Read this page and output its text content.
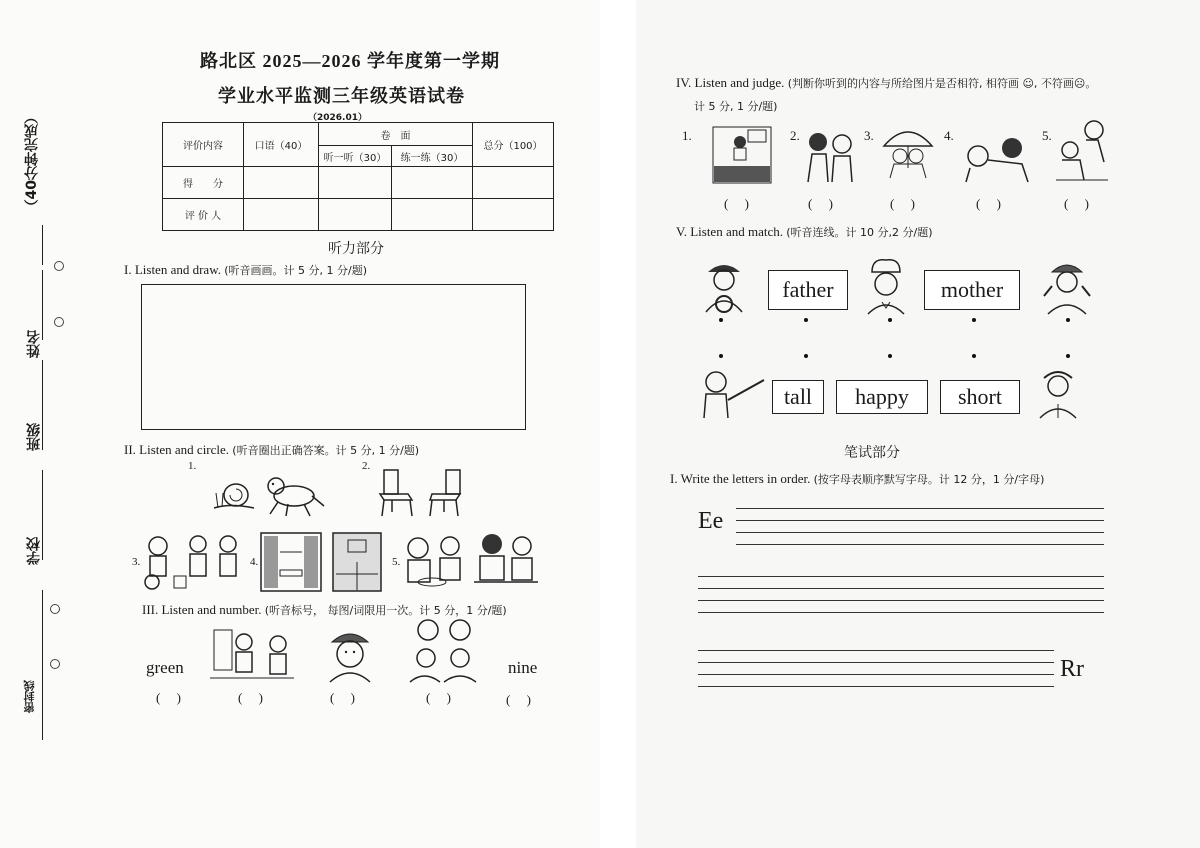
（40分钟完成）
姓名
班级
学校
密封线
路北区 2025—2026 学年度第一学期
学业水平监测三年级英语试卷
（2026.01）
评价内容	口语（40）	卷　面		总分（100）
		听一听（30）	练一练（30）	
得　　分				
评 价 人				
听力部分
I. Listen and draw. (听音画画。计 5 分, 1 分/题)
II. Listen and circle. (听音圈出正确答案。计 5 分, 1 分/题)
1.	2.
3.	4.	5.
III. Listen and number. (听音标号， 每图/词限用一次。计 5 分，1 分/题)
green	nine
(     )	(     )	(     )	(     )	(     )
IV. Listen and judge. (判断你听到的内容与所给图片是否相符, 相符画 ☺, 不符画☹。
计 5 分, 1 分/题)
1.	2.	3.	4.	5.
(     )	(     )	(     )	(     )	(     )
V. Listen and match. (听音连线。计 10 分,2 分/题)
father	mother
tall	happy	short
笔试部分
I. Write the letters in order. (按字母表顺序默写字母。计 12 分，1 分/字母)
Ee
Rr
